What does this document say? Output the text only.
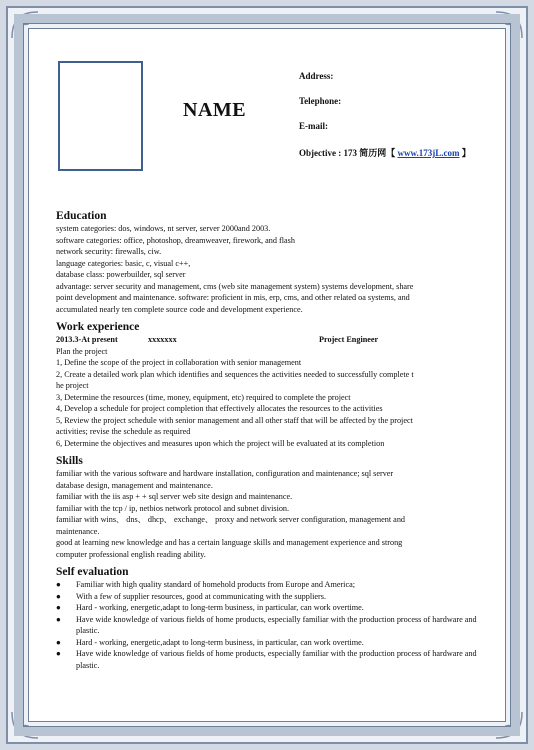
NAME
Address:
Telephone:
E-mail:
Objective : 173 简历网【 www.173jL.com 】
Education
system categories: dos, windows, nt server, server 2000and 2003.
software categories: office, photoshop, dreamweaver, firework, and flash
network security: firewalls, ciw.
language categories: basic, c, visual c++,
database class: powerbuilder, sql server
advantage: server security and management, cms (web site management system) systems development, share
point development and maintenance. software: proficient in mis, erp, cms, and other related oa systems, and
accumulated nearly ten complete source code and development experience.
Work experience
2013.3-At present	xxxxxxx	Project Engineer
Plan the project
1, Define the scope of the project in collaboration with senior management
2, Create a detailed work plan which identifies and sequences the activities needed to successfully complete t
he project
3, Determine the resources (time, money, equipment, etc) required to complete the project
4, Develop a schedule for project completion that effectively allocates the resources to the activities
5, Review the project schedule with senior management and all other staff that will be affected by the project
activities; revise the schedule as required
6, Determine the objectives and measures upon which the project will be evaluated at its completion
Skills
familiar with the various software and hardware installation, configuration and maintenance; sql server
database design, management and maintenance.
familiar with the iis asp + + sql server web site design and maintenance.
familiar with the tcp / ip, netbios network protocol and subnet division.
familiar with wins、 dns、 dhcp、 exchange、 proxy and network server configuration, management and
maintenance.
good at learning new knowledge and has a certain language skills and management experience and strong
computer professional english reading ability.
Self evaluation
●	Familiar with high quality standard of homehold products from Europe and America;
●	With a few of supplier resources, good at communicating with the suppliers.
●	Hard - working, energetic,adapt to long-term business, in particular, can work overtime.
●	Have wide knowledge of various fields of home products, especially familiar with the production process of hardware and plastic.
●	Hard - working, energetic,adapt to long-term business, in particular, can work overtime.
●	Have wide knowledge of various fields of home products, especially familiar with the production process of hardware and plastic.
